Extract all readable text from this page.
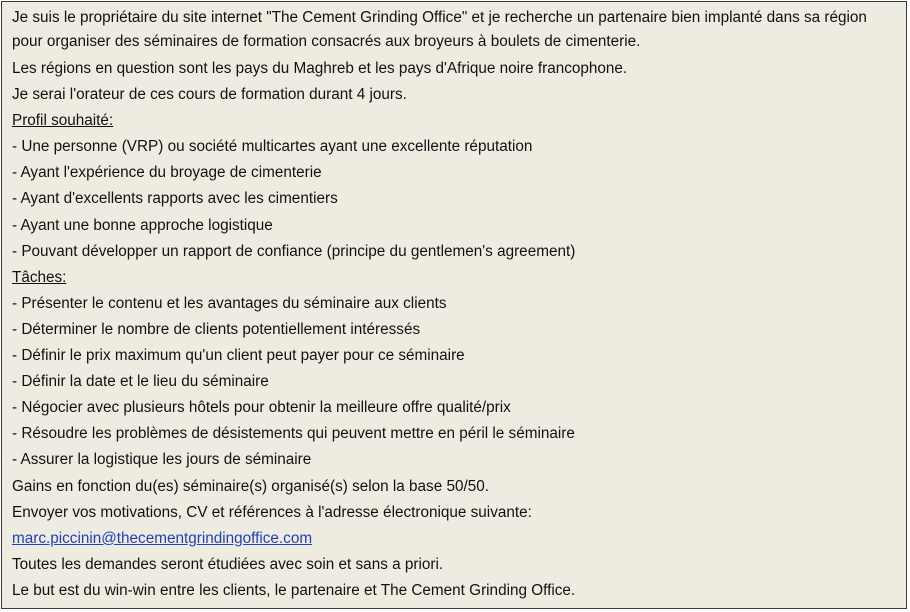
Je suis le propriétaire du site internet "The Cement Grinding Office" et je recherche un partenaire bien implanté dans sa région pour organiser des séminaires de formation consacrés aux broyeurs à boulets de cimenterie.
Les régions en question sont les pays du Maghreb et les pays d'Afrique noire francophone.
Je serai l'orateur de ces cours de formation durant 4 jours.
Profil souhaité:
- Une personne (VRP) ou société multicartes ayant une excellente réputation
- Ayant l'expérience du broyage de cimenterie
- Ayant d'excellents rapports avec les cimentiers
- Ayant une bonne approche logistique
- Pouvant développer un rapport de confiance (principe du gentlemen's agreement)
Tâches:
- Présenter le contenu et les avantages du séminaire aux clients
- Déterminer le nombre de clients potentiellement intéressés
- Définir le prix maximum qu'un client peut payer pour ce séminaire
- Définir la date et le lieu du séminaire
- Négocier avec plusieurs hôtels pour obtenir la meilleure offre qualité/prix
- Résoudre les problèmes de désistements qui peuvent mettre en péril le séminaire
- Assurer la logistique les jours de séminaire
Gains en fonction du(es) séminaire(s) organisé(s) selon la base 50/50.
Envoyer vos motivations, CV et références à l'adresse électronique suivante:
marc.piccinin@thecementgrindingoffice.com
Toutes les demandes seront étudiées avec soin et sans a priori.
Le but est du win-win entre les clients, le partenaire et The Cement Grinding Office.
